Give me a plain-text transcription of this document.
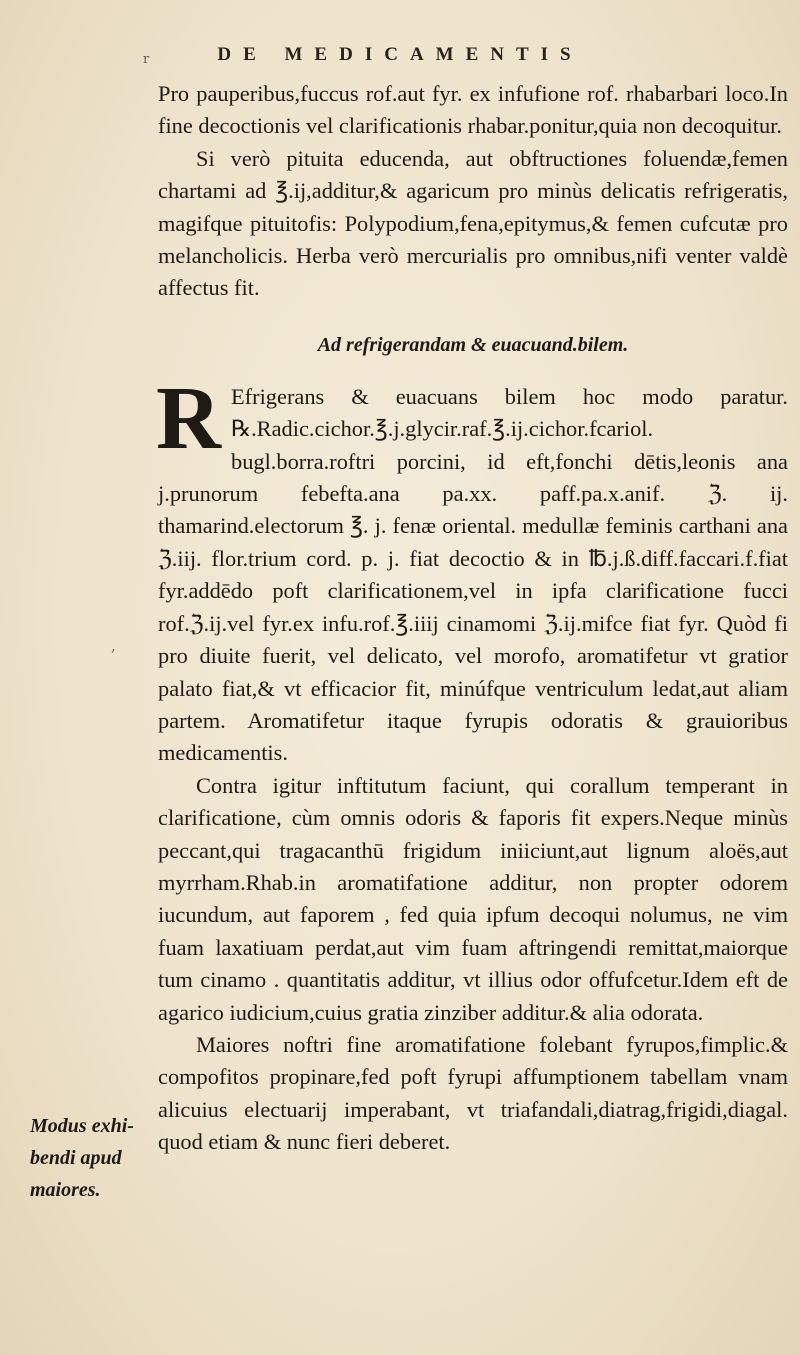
r	DE MEDICAMENTIS
ʼ

Pro pauperibus,fuccus rof.aut fyr. ex infufione rof. rhabarbari loco.In fine decoctionis vel clarificationis rhabar.ponitur,quia non decoquitur.

Si verò pituita educenda, aut obftructiones foluendæ,femen chartami ad ℥.ij,additur,& agaricum pro minùs delicatis refrigeratis, magifque pituitofis: Polypodium,fena,epitymus,& femen cufcutæ pro melancholicis. Herba verò mercurialis pro omnibus,nifi venter valdè affectus fit.

Ad refrigerandam & euacuand.bilem.

R Efrigerans & euacuans bilem hoc modo paratur. ℞.Radic.cichor.℥.j.glycir.raf.℥.ij.cichor.fcariol. bugl.borra.roftri porcini, id eft,fonchi dētis,leonis ana j.prunorum febefta.ana pa.xx. paff.pa.x.anif. ℨ. ij. thamarind.electorum ℥. j. fenæ oriental. medullæ feminis carthani ana ℨ.iij. flor.trium cord. p. j. fiat decoctio & in ℔.j.ß.diff.faccari.f.fiat fyr.addēdo poft clarificationem,vel in ipfa clarificatione fucci rof.ℨ.ij.vel fyr.ex infu.rof.℥.iiij cinamomi ℨ.ij.mifce fiat fyr. Quòd fi pro diuite fuerit, vel delicato, vel morofo, aromatifetur vt gratior palato fiat,& vt efficacior fit, minúfque ventriculum ledat,aut aliam partem. Aromatifetur itaque fyrupis odoratis & grauioribus medicamentis.

Contra igitur inftitutum faciunt, qui corallum temperant in clarificatione, cùm omnis odoris & faporis fit expers.Neque minùs peccant,qui tragacanthū frigidum iniiciunt,aut lignum aloës,aut myrrham.Rhab.in aromatifatione additur, non propter odorem iucundum, aut faporem , fed quia ipfum decoqui nolumus, ne vim fuam laxatiuam perdat,aut vim fuam aftringendi remittat,maiorque tum cinamo . quantitatis additur, vt illius odor offufcetur.Idem eft de agarico iudicium,cuius gratia zinziber additur.& alia odorata.

Maiores noftri fine aromatifatione folebant fyrupos,fimplic.& compofitos propinare,fed poft fyrupi affumptionem tabellam vnam alicuius electuarij imperabant, vt triafandali,diatrag,frigidi,diagal. quod etiam & nunc fieri deberet.

Modus exhi-
bendi apud
maiores.
